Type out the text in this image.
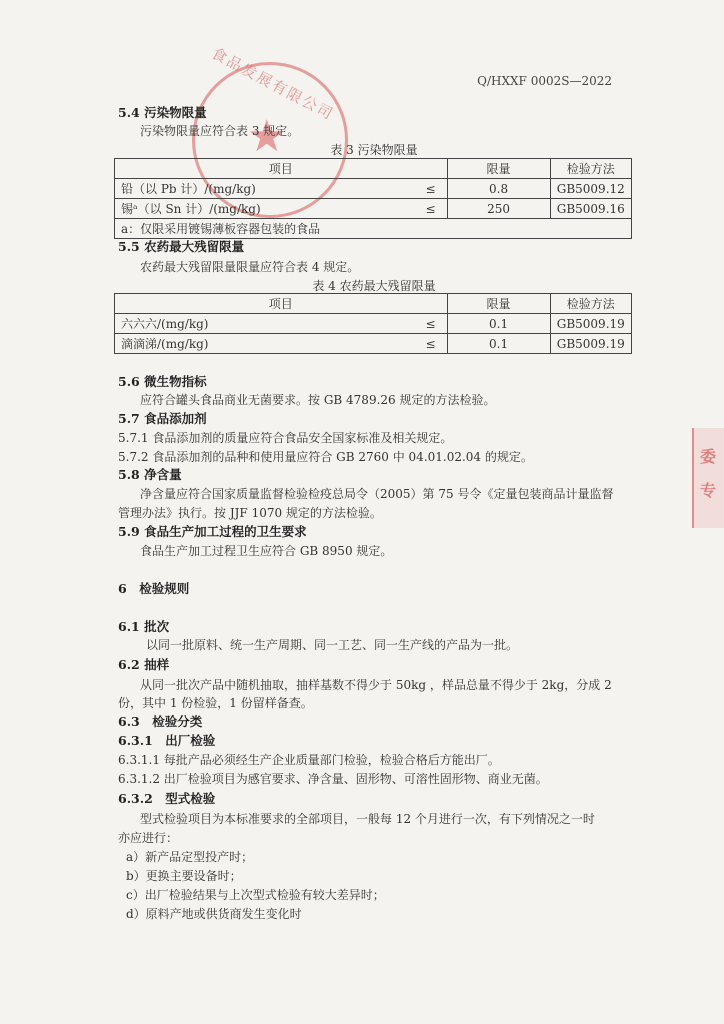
食品发展有限公司
★
委
专
Q/HXXF 0002S—2022
5.4 污染物限量
污染物限量应符合表 3 规定。
表 3 污染物限量
项目		限量	检验方法
铅（以 Pb 计）/(mg/kg)	≤	0.8	GB5009.12
锡ᵃ（以 Sn 计）/(mg/kg)	≤	250	GB5009.16
a：仅限采用镀锡薄板容器包装的食品			
5.5 农药最大残留限量
农药最大残留限量限量应符合表 4 规定。
表 4 农药最大残留限量
项目		限量	检验方法
六六六/(mg/kg)	≤	0.1	GB5009.19
滴滴涕/(mg/kg)	≤	0.1	GB5009.19
5.6 微生物指标
应符合罐头食品商业无菌要求。按 GB 4789.26 规定的方法检验。
5.7 食品添加剂
5.7.1 食品添加剂的质量应符合食品安全国家标准及相关规定。
5.7.2 食品添加剂的品种和使用量应符合 GB 2760 中 04.01.02.04 的规定。
5.8 净含量
净含量应符合国家质量监督检验检疫总局令（2005）第 75 号令《定量包装商品计量监督
管理办法》执行。按 JJF 1070 规定的方法检验。
5.9 食品生产加工过程的卫生要求
食品生产加工过程卫生应符合 GB 8950 规定。
6　检验规则
6.1 批次
以同一批原料、统一生产周期、同一工艺、同一生产线的产品为一批。
6.2 抽样
从同一批次产品中随机抽取，抽样基数不得少于 50kg ，样品总量不得少于 2kg，分成 2
份，其中 1 份检验，1 份留样备查。
6.3　检验分类
6.3.1　出厂检验
6.3.1.1 每批产品必须经生产企业质量部门检验，检验合格后方能出厂。
6.3.1.2 出厂检验项目为感官要求、净含量、固形物、可溶性固形物、商业无菌。
6.3.2　型式检验
型式检验项目为本标准要求的全部项目，一般每 12 个月进行一次，有下列情况之一时
亦应进行：
a）新产品定型投产时；
b）更换主要设备时；
c）出厂检验结果与上次型式检验有较大差异时；
d）原料产地或供货商发生变化时
